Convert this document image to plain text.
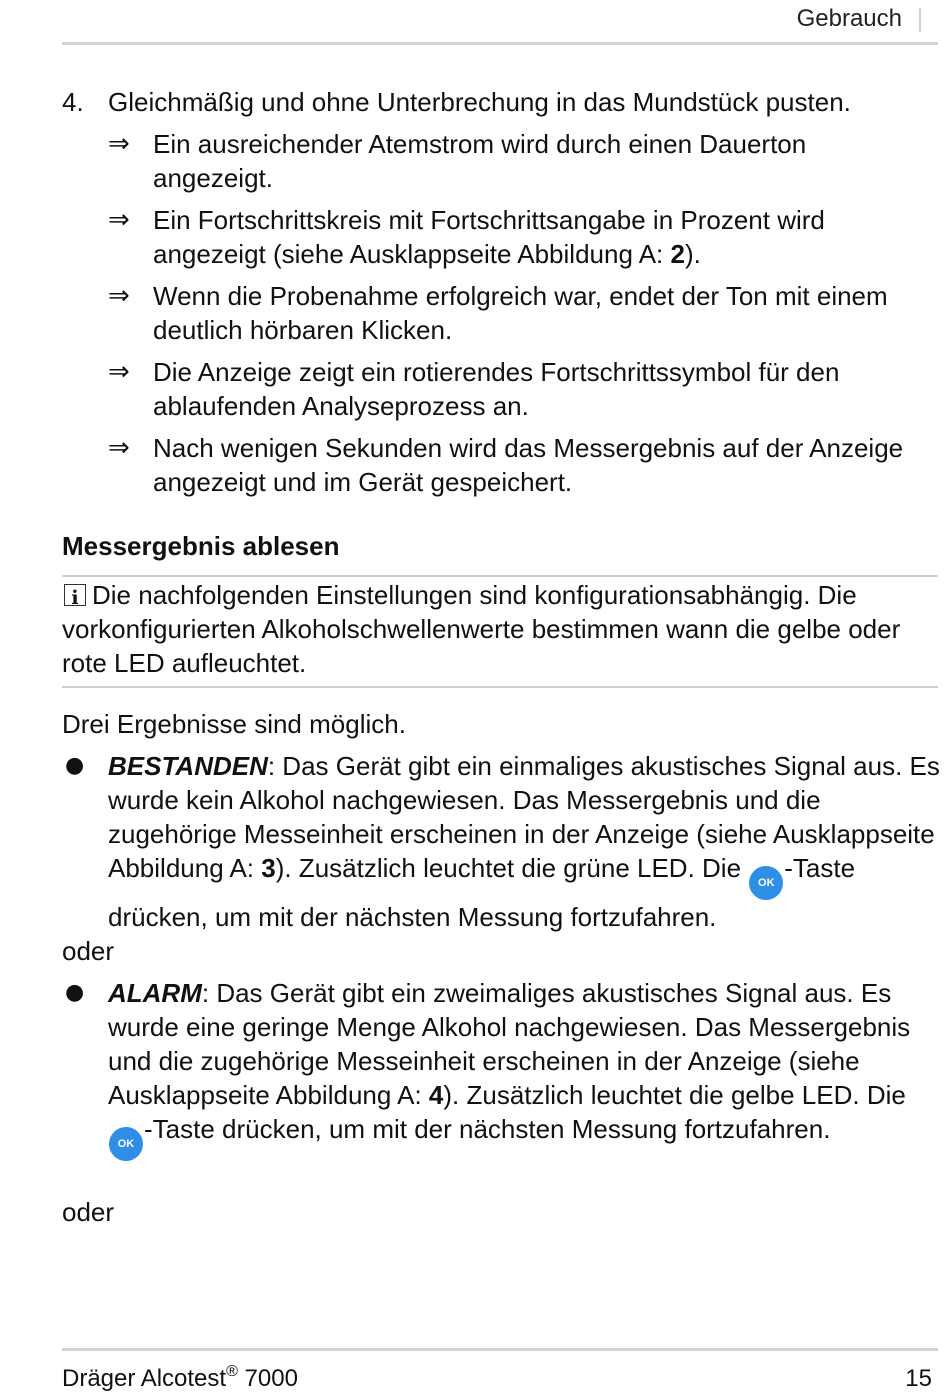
Gebrauch
4. Gleichmäßig und ohne Unterbrechung in das Mundstück pusten.
⇒ Ein ausreichender Atemstrom wird durch einen Dauerton angezeigt.
⇒ Ein Fortschrittskreis mit Fortschrittsangabe in Prozent wird angezeigt (siehe Ausklappseite Abbildung A: 2).
⇒ Wenn die Probenahme erfolgreich war, endet der Ton mit einem deutlich hörbaren Klicken.
⇒ Die Anzeige zeigt ein rotierendes Fortschrittssymbol für den ablaufenden Analyseprozess an.
⇒ Nach wenigen Sekunden wird das Messergebnis auf der Anzeige angezeigt und im Gerät gespeichert.
Messergebnis ablesen
iDie nachfolgenden Einstellungen sind konfigurationsabhängig. Die vorkonfigurierten Alkoholschwellenwerte bestimmen wann die gelbe oder rote LED aufleuchtet.
Drei Ergebnisse sind möglich.
● BESTANDEN: Das Gerät gibt ein einmaliges akustisches Signal aus. Es wurde kein Alkohol nachgewiesen. Das Messergebnis und die zugehörige Messeinheit erscheinen in der Anzeige (siehe Ausklappseite Abbildung A: 3). Zusätzlich leuchtet die grüne LED. Die OK -Taste drücken, um mit der nächsten Messung fortzufahren.
oder
● ALARM: Das Gerät gibt ein zweimaliges akustisches Signal aus. Es wurde eine geringe Menge Alkohol nachgewiesen. Das Messergebnis und die zugehörige Messeinheit erscheinen in der Anzeige (siehe Ausklappseite Abbildung A: 4). Zusätzlich leuchtet die gelbe LED. Die OK -Taste drücken, um mit der nächsten Messung fortzufahren.
oder
Dräger Alcotest® 7000	15
